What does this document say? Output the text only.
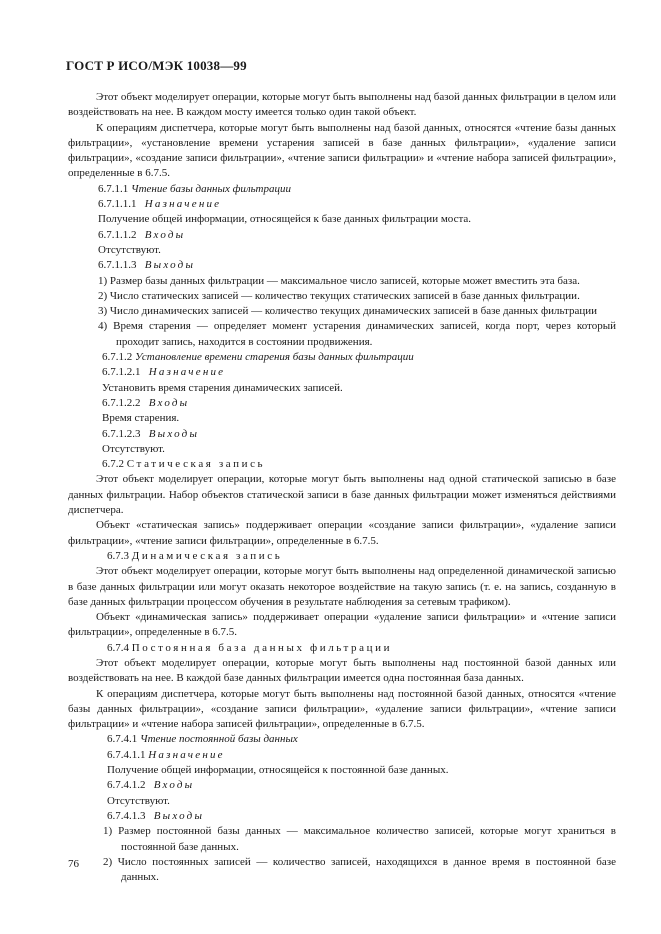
ГОСТ Р ИСО/МЭК 10038—99

Этот объект моделирует операции, которые могут быть выполнены над базой данных фильтрации в целом или воздействовать на нее. В каждом мосту имеется только один такой объект.

К операциям диспетчера, которые могут быть выполнены над базой данных, относятся «чтение базы данных фильтрации», «установление времени устарения записей в базе данных фильтрации», «удаление записи фильтрации», «создание записи фильтрации», «чтение записи фильтрации» и «чтение набора записей фильтрации», определенные в 6.7.5.

6.7.1.1 Чтение базы данных фильтрации

6.7.1.1.1 Назначение

Получение общей информации, относящейся к базе данных фильтрации моста.

6.7.1.1.2 Входы

Отсутствуют.

6.7.1.1.3 Выходы

1) Размер базы данных фильтрации — максимальное число записей, которые может вместить эта база.

2) Число статических записей — количество текущих статических записей в базе данных фильтрации.

3) Число динамических записей — количество текущих динамических записей в базе данных фильтрации

4) Время старения — определяет момент устарения динамических записей, когда порт, через который проходит запись, находится в состоянии продвижения.

6.7.1.2 Установление времени старения базы данных фильтрации

6.7.1.2.1 Назначение

Установить время старения динамических записей.

6.7.1.2.2 Входы

Время старения.

6.7.1.2.3 Выходы

Отсутствуют.

6.7.2 Статическая запись

Этот объект моделирует операции, которые могут быть выполнены над одной статической записью в базе данных фильтрации. Набор объектов статической записи в базе данных фильтрации может изменяться действиями диспетчера.

Объект «статическая запись» поддерживает операции «создание записи фильтрации», «удаление записи фильтрации», «чтение записи фильтрации», определенные в 6.7.5.

6.7.3 Динамическая запись

Этот объект моделирует операции, которые могут быть выполнены над определенной динамической записью в базе данных фильтрации или могут оказать некоторое воздействие на такую запись (т. е. на запись, созданную в базе данных фильтрации процессом обучения в результате наблюдения за сетевым трафиком).

Объект «динамическая запись» поддерживает операции «удаление записи фильтрации» и «чтение записи фильтрации», определенные в 6.7.5.

6.7.4 Постоянная база данных фильтрации

Этот объект моделирует операции, которые могут быть выполнены над постоянной базой данных или воздействовать на нее. В каждой базе данных фильтрации имеется одна постоянная база данных.

К операциям диспетчера, которые могут быть выполнены над постоянной базой данных, относятся «чтение базы данных фильтрации», «создание записи фильтрации», «удаление записи фильтрации», «чтение записи фильтрации» и «чтение набора записей фильтрации», определенные в 6.7.5.

6.7.4.1 Чтение постоянной базы данных

6.7.4.1.1 Назначение

Получение общей информации, относящейся к постоянной базе данных.

6.7.4.1.2 Входы

Отсутствуют.

6.7.4.1.3 Выходы

1) Размер постоянной базы данных — максимальное количество записей, которые могут храниться в постоянной базе данных.

2) Число постоянных записей — количество записей, находящихся в данное время в постоянной базе данных.

76
